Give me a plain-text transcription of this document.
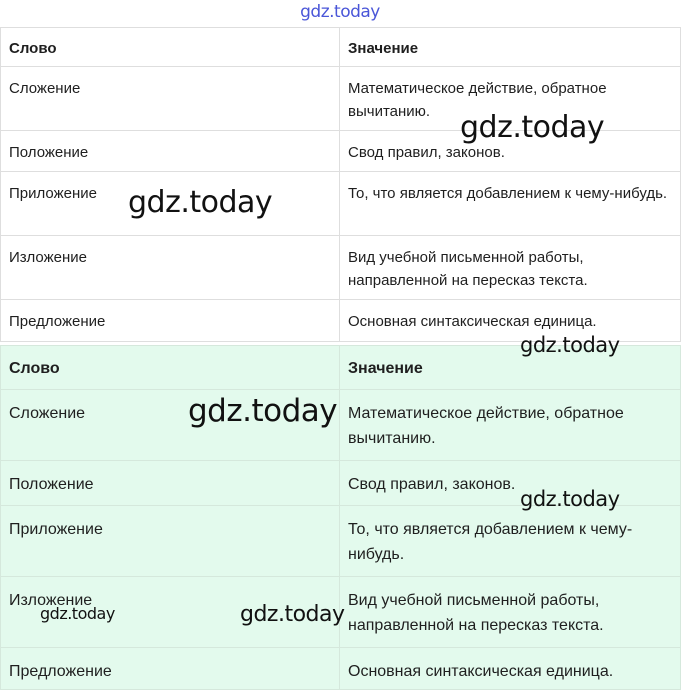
gdz.today
Слово	Значение
Сложение	Математическое действие, обратное вычитанию.
Положение	Свод правил, законов.
Приложение	То, что является добавлением к чему-нибудь.
Изложение	Вид учебной письменной работы, направленной на пересказ текста.
Предложение	Основная синтаксическая единица.
Слово	Значение
Сложение	Математическое действие, обратное вычитанию.
Положение	Свод правил, законов.
Приложение	То, что является добавлением к чему-нибудь.
Изложение	Вид учебной письменной работы, направленной на пересказ текста.
Предложение	Основная синтаксическая единица.
gdz.today
gdz.today
gdz.today
gdz.today
gdz.today
gdz.today	gdz.today
